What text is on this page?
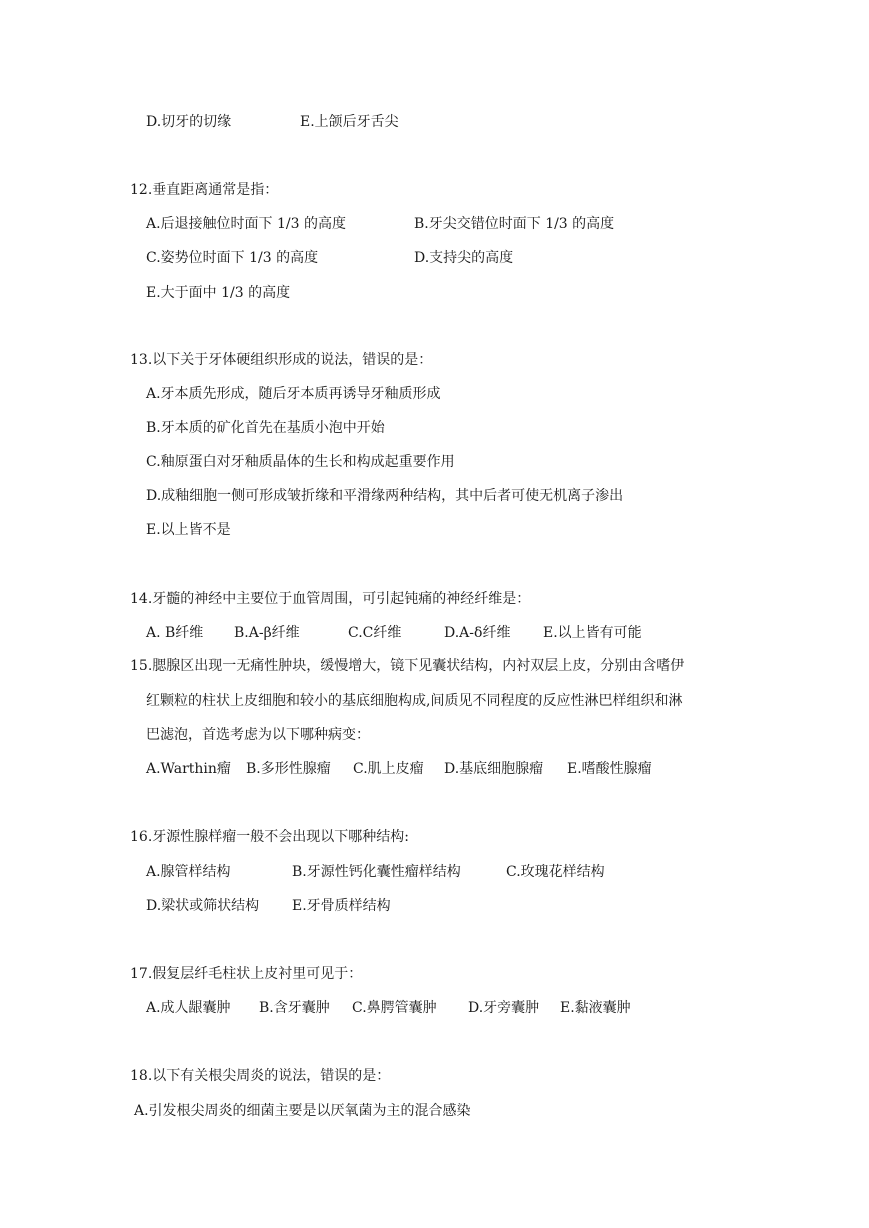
D.切牙的切缘	E.上颌后牙舌尖
12.垂直距离通常是指：
A.后退接触位时面下 1/3 的高度	B.牙尖交错位时面下 1/3 的高度
C.姿势位时面下 1/3 的高度	D.支持尖的高度
E.大于面中 1/3 的高度
13.以下关于牙体硬组织形成的说法，错误的是：
A.牙本质先形成，随后牙本质再诱导牙釉质形成
B.牙本质的矿化首先在基质小泡中开始
C.釉原蛋白对牙釉质晶体的生长和构成起重要作用
D.成釉细胞一侧可形成皱折缘和平滑缘两种结构，其中后者可使无机离子渗出
E.以上皆不是
14.牙髓的神经中主要位于血管周围，可引起钝痛的神经纤维是：
A. B纤维 B.A-β纤维	C.C纤维	D.A-δ纤维 E.以上皆有可能
15.腮腺区出现一无痛性肿块，缓慢增大，镜下见囊状结构，内衬双层上皮，分别由含嗜伊
红颗粒的柱状上皮细胞和较小的基底细胞构成,间质见不同程度的反应性淋巴样组织和淋
巴滤泡，首选考虑为以下哪种病变：
A.Warthin瘤 B.多形性腺瘤 C.肌上皮瘤 D.基底细胞腺瘤 E.嗜酸性腺瘤
16.牙源性腺样瘤一般不会出现以下哪种结构:
A.腺管样结构	B.牙源性钙化囊性瘤样结构	C.玫瑰花样结构
D.梁状或筛状结构 E.牙骨质样结构
17.假复层纤毛柱状上皮衬里可见于：
A.成人龈囊肿 B.含牙囊肿 C.鼻腭管囊肿 D.牙旁囊肿 E.黏液囊肿
18.以下有关根尖周炎的说法，错误的是：
A.引发根尖周炎的细菌主要是以厌氧菌为主的混合感染
